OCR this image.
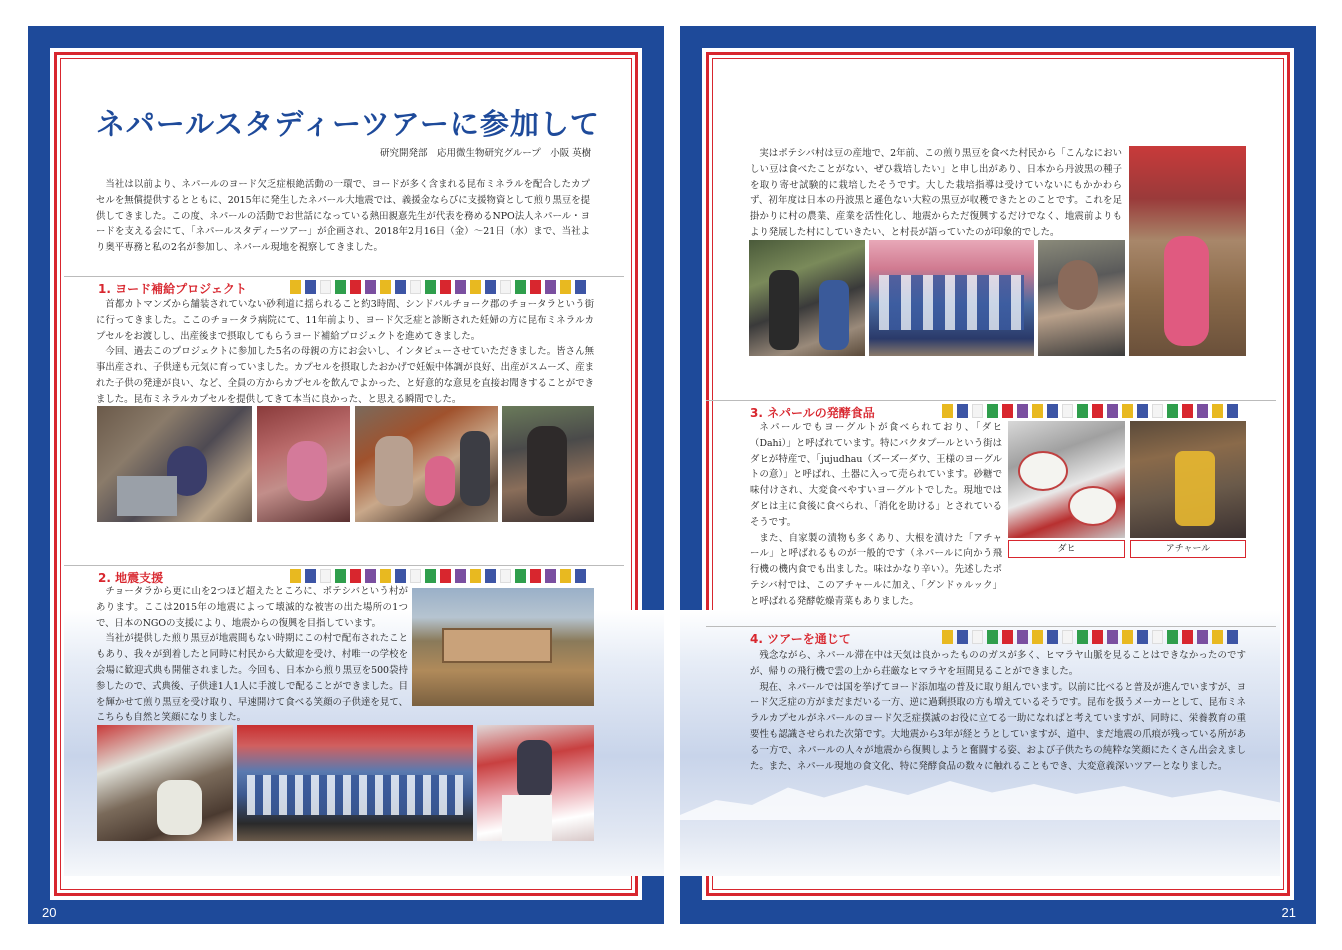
20	21
ネパールスタディーツアーに参加して
研究開発部　応用微生物研究グループ　小阪 英樹

当社は以前より、ネパールのヨード欠乏症根絶活動の一環で、ヨードが多く含まれる昆布ミネラルを配合したカプセルを無償提供するとともに、2015年に発生したネパール大地震では、義援金ならびに支援物資として煎り黒豆を提供してきました。この度、ネパールの活動でお世話になっている熱田親憙先生が代表を務めるNPO法人ネパール・ヨードを支える会にて、「ネパールスタディーツアー」が企画され、2018年2月16日（金）～21日（水）まで、当社より奥平専務と私の2名が参加し、ネパール現地を視察してきました。

1. ヨード補給プロジェクト

首都カトマンズから舗装されていない砂利道に揺られること約3時間、シンドパルチョーク郡のチョータラという街に行ってきました。ここのチョータラ病院にて、11年前より、ヨード欠乏症と診断された妊婦の方に昆布ミネラルカプセルをお渡しし、出産後まで摂取してもらうヨード補給プロジェクトを進めてきました。

今回、過去このプロジェクトに参加した5名の母親の方にお会いし、インタビューさせていただきました。皆さん無事出産され、子供達も元気に育っていました。カプセルを摂取したおかげで妊娠中体調が良好、出産がスムーズ、産まれた子供の発達が良い、など、全員の方からカプセルを飲んでよかった、と好意的な意見を直接お聞きすることができました。昆布ミネラルカプセルを提供してきて本当に良かった、と思える瞬間でした。

2. 地震支援

チョータラから更に山を2つほど超えたところに、ポテシバという村があります。ここは2015年の地震によって壊滅的な被害の出た場所の1つで、日本のNGOの支援により、地震からの復興を目指しています。

当社が提供した煎り黒豆が地震間もない時期にこの村で配布されたこともあり、我々が到着したと同時に村民から大歓迎を受け、村唯一の学校を会場に歓迎式典も開催されました。今回も、日本から煎り黒豆を500袋持参したので、式典後、子供達1人1人に手渡しで配ることができました。目を輝かせて煎り黒豆を受け取り、早速開けて食べる笑顔の子供達を見て、こちらも自然と笑顔になりました。

実はポテシバ村は豆の産地で、2年前、この煎り黒豆を食べた村民から「こんなにおいしい豆は食べたことがない、ぜひ栽培したい」と申し出があり、日本から丹波黒の種子を取り寄せ試験的に栽培したそうです。大した栽培指導は受けていないにもかかわらず、初年度は日本の丹波黒と遜色ない大粒の黒豆が収穫できたとのことです。これを足掛かりに村の農業、産業を活性化し、地震からただ復興するだけでなく、地震前よりもより発展した村にしていきたい、と村長が語っていたのが印象的でした。

3. ネパールの発酵食品

ネパールでもヨーグルトが食べられており、「ダヒ（Dahi）」と呼ばれています。特にバクタプールという街はダヒが特産で、「jujudhau（ズーズーダウ、王様のヨーグルトの意）」と呼ばれ、土器に入って売られています。砂糖で味付けされ、大変食べやすいヨーグルトでした。現地ではダヒは主に食後に食べられ、「消化を助ける」とされているそうです。

また、自家製の漬物も多くあり、大根を漬けた「アチャール」と呼ばれるものが一般的です（ネパールに向かう飛行機の機内食でも出ました。味はかなり辛い）。先述したポテシバ村では、このアチャールに加え、「グンドゥルック」と呼ばれる発酵乾燥青菜もありました。

ダヒ	アチャール
4. ツアーを通じて

残念ながら、ネパール滞在中は天気は良かったもののガスが多く、ヒマラヤ山脈を見ることはできなかったのですが、帰りの飛行機で雲の上から荘厳なヒマラヤを垣間見ることができました。

現在、ネパールでは国を挙げてヨード添加塩の普及に取り組んでいます。以前に比べると普及が進んでいますが、ヨード欠乏症の方がまだまだいる一方、逆に過剰摂取の方も増えているそうです。昆布を扱うメーカーとして、昆布ミネラルカプセルがネパールのヨード欠乏症撲滅のお役に立てる一助になればと考えていますが、同時に、栄養教育の重要性も認識させられた次第です。大地震から3年が経とうとしていますが、道中、まだ地震の爪痕が残っている所がある一方で、ネパールの人々が地震から復興しようと奮闘する姿、および子供たちの純粋な笑顔にたくさん出会えました。また、ネパール現地の食文化、特に発酵食品の数々に触れることもでき、大変意義深いツアーとなりました。
